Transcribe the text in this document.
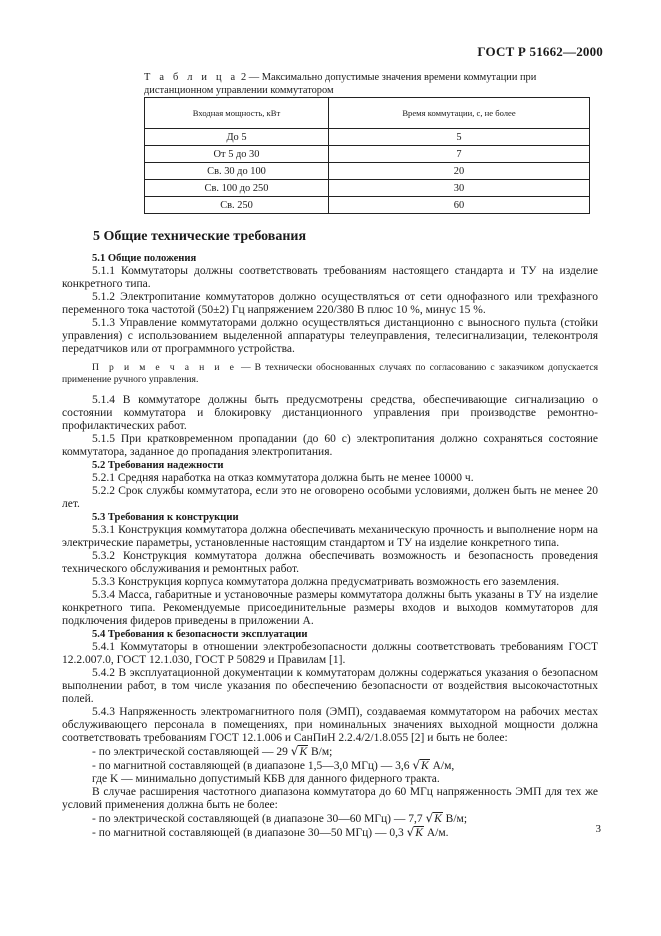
ГОСТ Р 51662—2000
Т а б л и ц а 2 — Максимально допустимые значения времени коммутации при дистанционном управлении коммутатором
Входная мощность, кВт	Время коммутации, с, не более
До 5	5
От 5 до 30	7
Св. 30 до 100	20
Св. 100 до 250	30
Св. 250	60
5 Общие технические требования

5.1 Общие положения

5.1.1 Коммутаторы должны соответствовать требованиям настоящего стандарта и ТУ на изделие конкретного типа.

5.1.2 Электропитание коммутаторов должно осуществляться от сети однофазного или трехфазного переменного тока частотой (50±2) Гц напряжением 220/380 В плюс 10 %, минус 15 %.

5.1.3 Управление коммутаторами должно осуществляться дистанционно с выносного пульта (стойки управления) с использованием выделенной аппаратуры телеуправления, телесигнализации, телеконтроля передатчиков или от программного устройства.

П р и м е ч а н и е — В технически обоснованных случаях по согласованию с заказчиком допускается применение ручного управления.

5.1.4 В коммутаторе должны быть предусмотрены средства, обеспечивающие сигнализацию о состоянии коммутатора и блокировку дистанционного управления при производстве ремонтно-профилактических работ.

5.1.5 При кратковременном пропадании (до 60 с) электропитания должно сохраняться состояние коммутатора, заданное до пропадания электропитания.

5.2 Требования надежности

5.2.1 Средняя наработка на отказ коммутатора должна быть не менее 10000 ч.

5.2.2 Срок службы коммутатора, если это не оговорено особыми условиями, должен быть не менее 20 лет.

5.3 Требования к конструкции

5.3.1 Конструкция коммутатора должна обеспечивать механическую прочность и выполнение норм на электрические параметры, установленные настоящим стандартом и ТУ на изделие конкретного типа.

5.3.2 Конструкция коммутатора должна обеспечивать возможность и безопасность проведения технического обслуживания и ремонтных работ.

5.3.3 Конструкция корпуса коммутатора должна предусматривать возможность его заземления.

5.3.4 Масса, габаритные и установочные размеры коммутатора должны быть указаны в ТУ на изделие конкретного типа. Рекомендуемые присоединительные размеры входов и выходов коммутаторов для подключения фидеров приведены в приложении А.

5.4 Требования к безопасности эксплуатации

5.4.1 Коммутаторы в отношении электробезопасности должны соответствовать требованиям ГОСТ 12.2.007.0, ГОСТ 12.1.030, ГОСТ Р 50829 и Правилам [1].

5.4.2 В эксплуатационной документации к коммутаторам должны содержаться указания о безопасном выполнении работ, в том числе указания по обеспечению безопасности от воздействия высокочастотных полей.

5.4.3 Напряженность электромагнитного поля (ЭМП), создаваемая коммутатором на рабочих местах обслуживающего персонала в помещениях, при номинальных значениях выходной мощности должна соответствовать требованиям ГОСТ 12.1.006 и СанПиН 2.2.4/2/1.8.055 [2] и быть не более:

- по электрической составляющей — 29 √K В/м;

- по магнитной составляющей (в диапазоне 1,5—3,0 МГц) — 3,6 √K А/м,

где K — минимально допустимый КБВ для данного фидерного тракта.

В случае расширения частотного диапазона коммутатора до 60 МГц напряженность ЭМП для тех же условий применения должна быть не более:

- по электрической составляющей (в диапазоне 30—60 МГц) — 7,7 √K В/м;

- по магнитной составляющей (в диапазоне 30—50 МГц) — 0,3 √K А/м.	3
